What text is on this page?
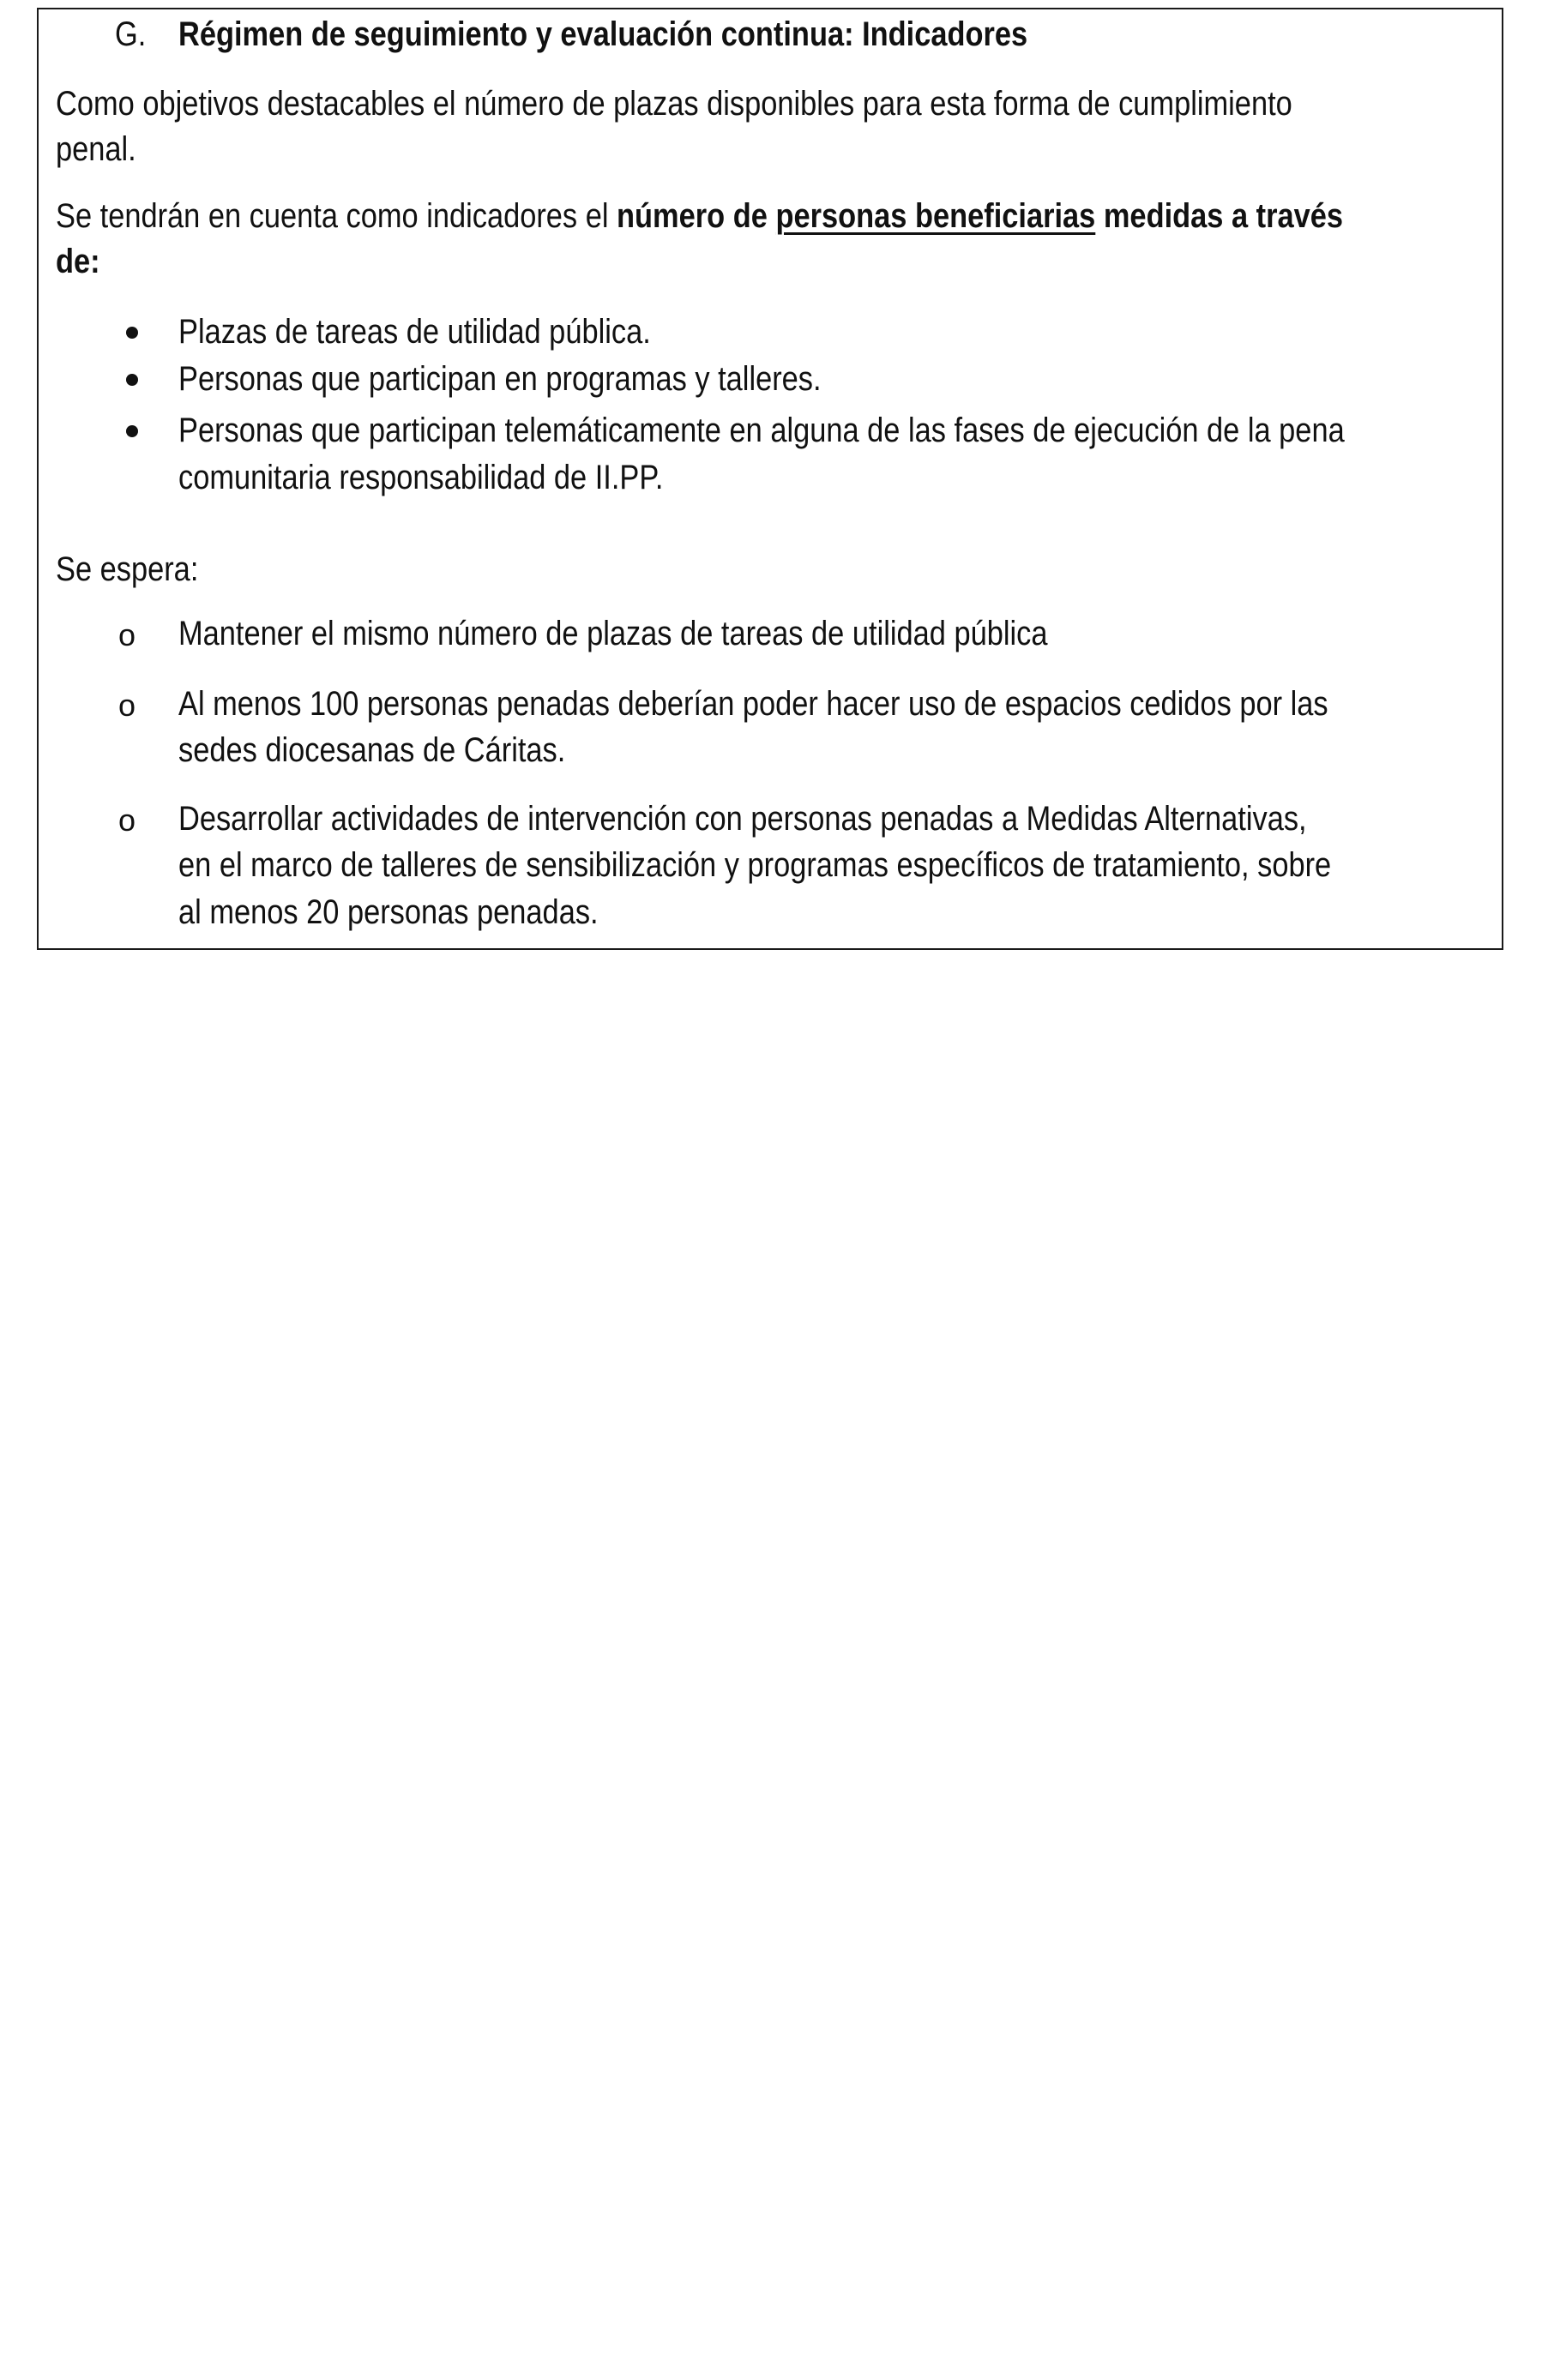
G. Régimen de seguimiento y evaluación continua: Indicadores
Como objetivos destacables el número de plazas disponibles para esta forma de cumplimiento
penal.
Se tendrán en cuenta como indicadores el número de personas beneficiarias medidas a través
de:
Plazas de tareas de utilidad pública.
Personas que participan en programas y talleres.
Personas que participan telemáticamente en alguna de las fases de ejecución de la pena
comunitaria responsabilidad de II.PP.
Se espera:
o Mantener el mismo número de plazas de tareas de utilidad pública
o Al menos 100 personas penadas deberían poder hacer uso de espacios cedidos por las
sedes diocesanas de Cáritas.
o Desarrollar actividades de intervención con personas penadas a Medidas Alternativas,
en el marco de talleres de sensibilización y programas específicos de tratamiento, sobre
al menos 20 personas penadas.
